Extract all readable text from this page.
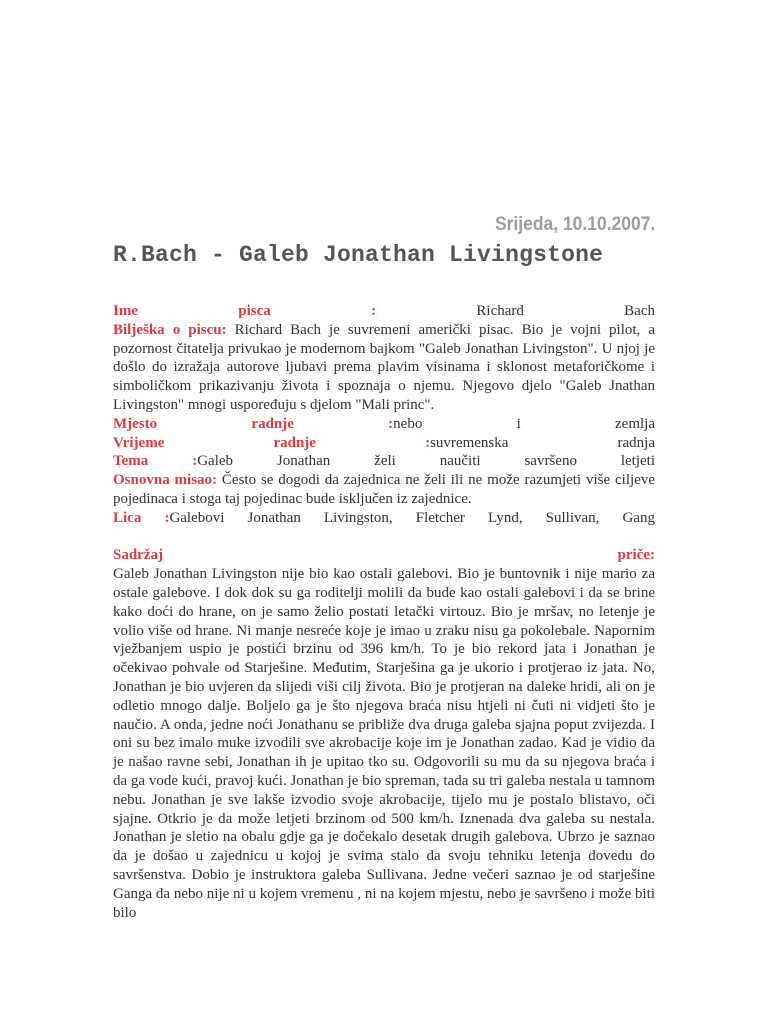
Srijeda, 10.10.2007.
R.Bach - Galeb Jonathan Livingstone
Ime pisca	:	Richard Bach
Bilješka o piscu: Richard Bach je suvremeni američki pisac. Bio je vojni pilot, a pozornost čitatelja privukao je modernom bajkom "Galeb Jonathan Livingston". U njoj je došlo do izražaja autorove ljubavi prema plavim visinama i sklonost metaforičkome i simboličkom prikazivanju života i spoznaja o njemu. Njegovo djelo "Galeb Jnathan Livingston" mnogi uspoređuju s djelom "Mali princ".
Mjesto radnje	:nebo i zemlja
Vrijeme radnje	:suvremenska radnja
Tema	:Galeb Jonathan želi naučiti savršeno letjeti
Osnovna misao: Često se dogodi da zajednica ne želi ili ne može razumjeti više ciljeve pojedinaca i stoga taj pojedinac bude isključen iz zajednice.
Lica :Galebovi Jonathan Livingston, Fletcher Lynd, Sullivan, Gang
Sadržaj priče:
Galeb Jonathan Livingston nije bio kao ostali galebovi. Bio je buntovnik i nije mario za ostale galebove. I dok dok su ga roditelji molili da bude kao ostali galebovi i da se brine kako doći do hrane, on je samo želio postati letački virtouz. Bio je mršav, no letenje je volio više od hrane. Ni manje nesreće koje je imao u zraku nisu ga pokolebale. Napornim vježbanjem uspio je postići brzinu od 396 km/h. To je bio rekord jata i Jonathan je očekivao pohvale od Starješine. Međutim, Starješina ga je ukorio i protjerao iz jata. No, Jonathan je bio uvjeren da slijedi viši cilj života. Bio je protjeran na daleke hridi, ali on je odletio mnogo dalje. Boljelo ga je što njegova braća nisu htjeli ni čuti ni vidjeti što je naučio. A onda, jedne noći Jonathanu se približe dva druga galeba sjajna poput zvijezda. I oni su bez imalo muke izvodili sve akrobacije koje im je Jonathan zadao. Kad je vidio da je našao ravne sebi, Jonathan ih je upitao tko su. Odgovorili su mu da su njegova braća i da ga vode kući, pravoj kući. Jonathan je bio spreman, tada su tri galeba nestala u tamnom nebu. Jonathan je sve lakše izvodio svoje akrobacije, tijelo mu je postalo blistavo, oči sjajne. Otkrio je da može letjeti brzinom od 500 km/h. Iznenada dva galeba su nestala. Jonathan je sletio na obalu gdje ga je dočekalo desetak drugih galebova. Ubrzo je saznao da je došao u zajednicu u kojoj je svima stalo da svoju tehniku letenja dovedu do savršenstva. Dobio je instruktora galeba Sullivana. Jedne večeri saznao je od starješine Ganga da nebo nije ni u kojem vremenu , ni na kojem mjestu, nebo je savršeno i može biti bilo
